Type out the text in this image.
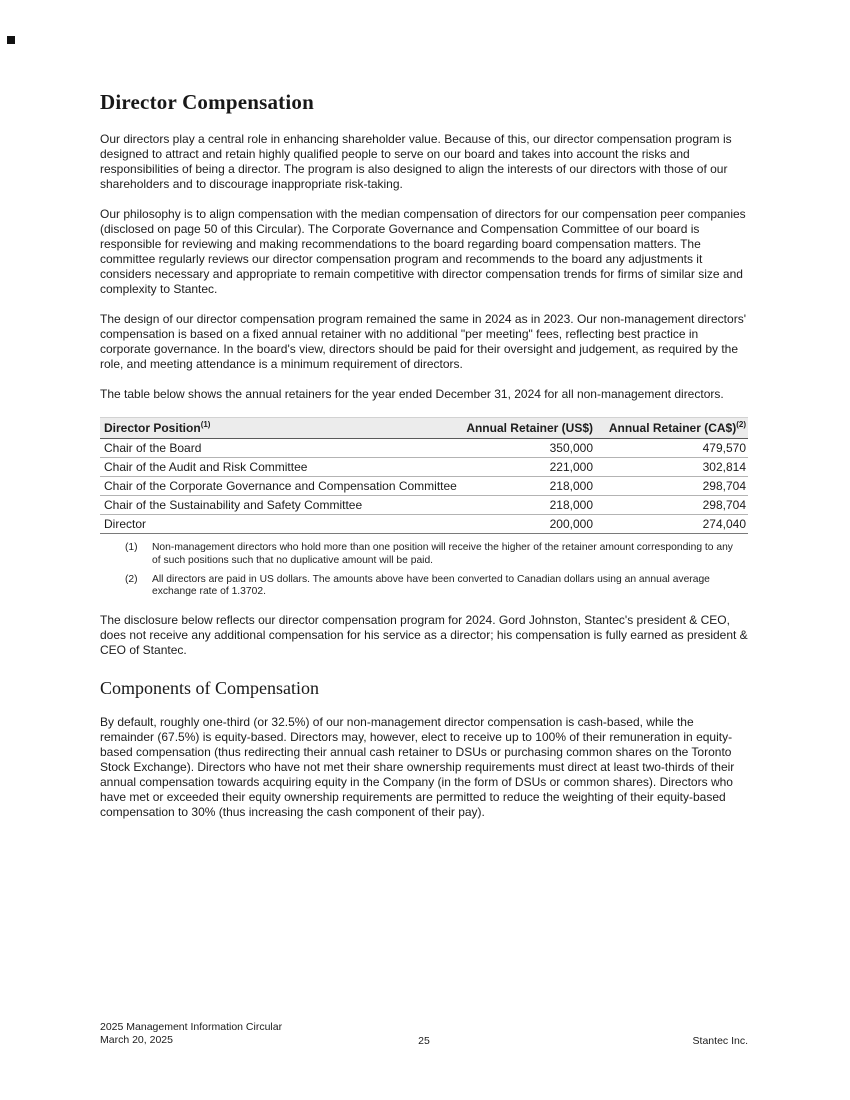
Director Compensation

Our directors play a central role in enhancing shareholder value. Because of this, our director compensation program is designed to attract and retain highly qualified people to serve on our board and takes into account the risks and responsibilities of being a director. The program is also designed to align the interests of our directors with those of our shareholders and to discourage inappropriate risk-taking.

Our philosophy is to align compensation with the median compensation of directors for our compensation peer companies (disclosed on page 50 of this Circular). The Corporate Governance and Compensation Committee of our board is responsible for reviewing and making recommendations to the board regarding board compensation matters. The committee regularly reviews our director compensation program and recommends to the board any adjustments it considers necessary and appropriate to remain competitive with director compensation trends for firms of similar size and complexity to Stantec.

The design of our director compensation program remained the same in 2024 as in 2023. Our non-management directors' compensation is based on a fixed annual retainer with no additional "per meeting" fees, reflecting best practice in corporate governance. In the board's view, directors should be paid for their oversight and judgement, as required by the role, and meeting attendance is a minimum requirement of directors.

The table below shows the annual retainers for the year ended December 31, 2024 for all non-management directors.

Director Position$^{(1)}$	Annual Retainer (US$)	Annual Retainer (CA$)$^{(2)}$
Chair of the Board	350,000	479,570
Chair of the Audit and Risk Committee	221,000	302,814
Chair of the Corporate Governance and Compensation Committee	218,000	298,704
Chair of the Sustainability and Safety Committee	218,000	298,704
Director	200,000	274,040
(1)	Non-management directors who hold more than one position will receive the higher of the retainer amount corresponding to any of such positions such that no duplicative amount will be paid.
(2)	All directors are paid in US dollars. The amounts above have been converted to Canadian dollars using an annual average exchange rate of 1.3702.

The disclosure below reflects our director compensation program for 2024. Gord Johnston, Stantec's president & CEO, does not receive any additional compensation for his service as a director; his compensation is fully earned as president & CEO of Stantec.

Components of Compensation

By default, roughly one-third (or 32.5%) of our non-management director compensation is cash-based, while the remainder (67.5%) is equity-based. Directors may, however, elect to receive up to 100% of their remuneration in equity-based compensation (thus redirecting their annual cash retainer to DSUs or purchasing common shares on the Toronto Stock Exchange). Directors who have not met their share ownership requirements must direct at least two-thirds of their annual compensation towards acquiring equity in the Company (in the form of DSUs or common shares). Directors who have met or exceeded their equity ownership requirements are permitted to reduce the weighting of their equity-based compensation to 30% (thus increasing the cash component of their pay).

2025 Management Information Circular
March 20, 2025	25	Stantec Inc.
